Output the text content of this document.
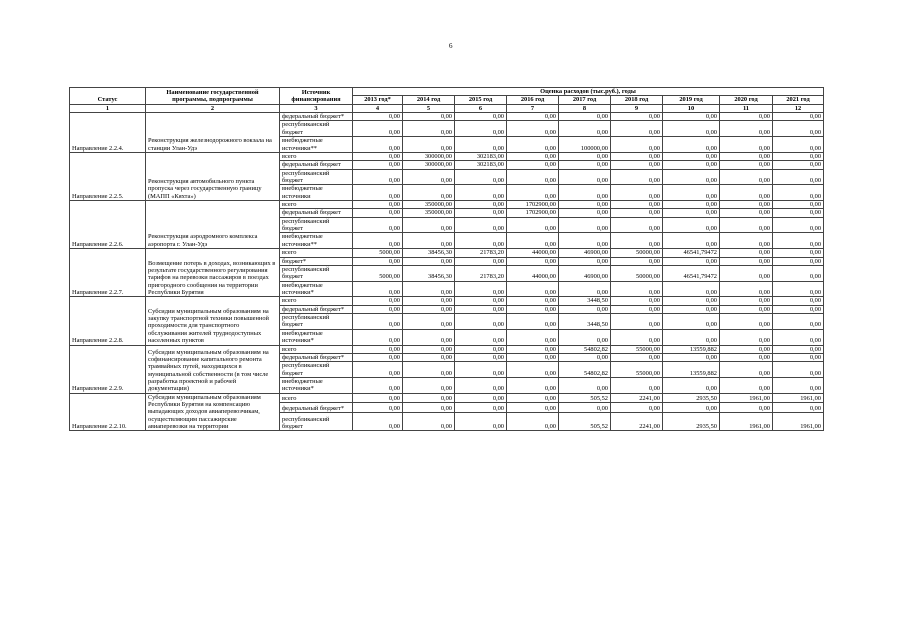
6
Статус	Наименование государственной программы, подпрограммы	Источник финансирования	Оценка расходов (тыс.руб.), годы								
			2013 год*	2014 год	2015 год	2016 год	2017 год	2018 год	2019 год	2020 год	2021 год
1	2	3	4	5	6	7	8	9	10	11	12
Направление 2.2.4.	Реконструкция железнодорожного вокзала на станции Улан-Удэ	федеральный бюджет*	0,00	0,00	0,00	0,00	0,00	0,00	0,00	0,00	0,00
		республиканский бюджет	0,00	0,00	0,00	0,00	0,00	0,00	0,00	0,00	0,00
		внебюджетные источники**	0,00	0,00	0,00	0,00	100000,00	0,00	0,00	0,00	0,00
Направление 2.2.5.	Реконструкция автомобильного пункта пропуска через государственную границу (МАПП «Кяхта»)	всего	0,00	300000,00	302183,00	0,00	0,00	0,00	0,00	0,00	0,00
		федеральный бюджет	0,00	300000,00	302183,00	0,00	0,00	0,00	0,00	0,00	0,00
		республиканский бюджет	0,00	0,00	0,00	0,00	0,00	0,00	0,00	0,00	0,00
		внебюджетные источники	0,00	0,00	0,00	0,00	0,00	0,00	0,00	0,00	0,00
Направление 2.2.6.	Реконструкция аэродромного комплекса аэропорта г. Улан-Удэ	всего	0,00	350000,00	0,00	1702900,00	0,00	0,00	0,00	0,00	0,00
		федеральный бюджет	0,00	350000,00	0,00	1702900,00	0,00	0,00	0,00	0,00	0,00
		республиканский бюджет	0,00	0,00	0,00	0,00	0,00	0,00	0,00	0,00	0,00
		внебюджетные источники**	0,00	0,00	0,00	0,00	0,00	0,00	0,00	0,00	0,00
Направление 2.2.7.	Возмещение потерь в доходах, возникающих в результате государственного регулирования тарифов на перевозки пассажиров в поездах пригородного сообщения на территории Республики Бурятия	всего	5000,00	38456,30	21783,20	44000,00	46900,00	50000,00	46541,79472	0,00	0,00
		бюджет*	0,00	0,00	0,00	0,00	0,00	0,00	0,00	0,00	0,00
		республиканский бюджет	5000,00	38456,30	21783,20	44000,00	46900,00	50000,00	46541,79472	0,00	0,00
		внебюджетные источники*	0,00	0,00	0,00	0,00	0,00	0,00	0,00	0,00	0,00
Направление 2.2.8.	Субсидии муниципальным образованиям на закупку транспортной техники повышенной проходимости для транспортного обслуживания жителей труднодоступных населенных пунктов	всего	0,00	0,00	0,00	0,00	3448,50	0,00	0,00	0,00	0,00
		федеральный бюджет*	0,00	0,00	0,00	0,00	0,00	0,00	0,00	0,00	0,00
		республиканский бюджет	0,00	0,00	0,00	0,00	3448,50	0,00	0,00	0,00	0,00
		внебюджетные источники*	0,00	0,00	0,00	0,00	0,00	0,00	0,00	0,00	0,00
Направление 2.2.9.	Субсидии муниципальным образованиям на софинансирование капитального ремонта трамвайных путей, находящихся в муниципальной собственности (в том числе разработка проектной и рабочей документации)	всего	0,00	0,00	0,00	0,00	54802,82	55000,00	13559,882	0,00	0,00
		федеральный бюджет*	0,00	0,00	0,00	0,00	0,00	0,00	0,00	0,00	0,00
		республиканский бюджет	0,00	0,00	0,00	0,00	54802,82	55000,00	13559,882	0,00	0,00
		внебюджетные источники*	0,00	0,00	0,00	0,00	0,00	0,00	0,00	0,00	0,00
Направление 2.2.10.	Субсидии муниципальным образованиям Республики Бурятия на компенсацию выпадающих доходов авиаперевозчикам, осуществляющим пассажирские авиаперевозки на территории	всего	0,00	0,00	0,00	0,00	505,52	2241,00	2935,50	1961,00	1961,00
		федеральный бюджет*	0,00	0,00	0,00	0,00	0,00	0,00	0,00	0,00	0,00
		республиканский бюджет	0,00	0,00	0,00	0,00	505,52	2241,00	2935,50	1961,00	1961,00
